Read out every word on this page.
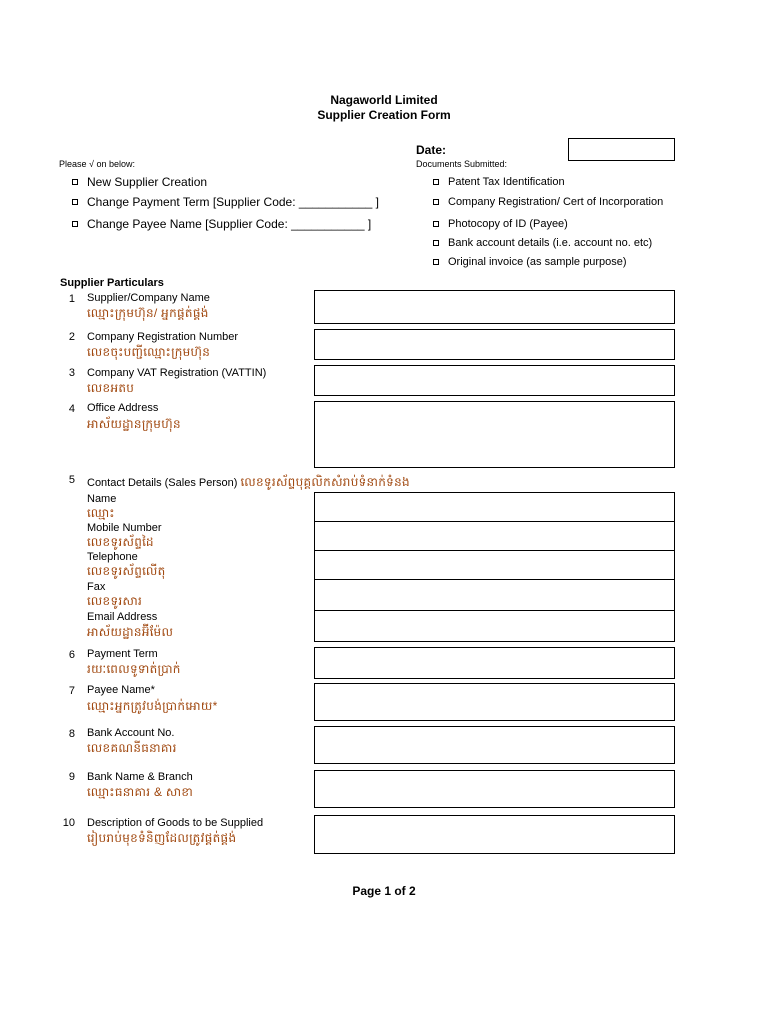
Nagaworld Limited
Supplier Creation Form
Date:
Please √ on below:	Documents Submitted:
New Supplier Creation
Change Payment Term [Supplier Code: ___________ ]
Change Payee Name [Supplier Code: ___________ ]
Patent Tax Identification
Company Registration/ Cert of Incorporation
Photocopy of ID (Payee)
Bank account details (i.e. account no. etc)
Original invoice (as sample purpose)
Supplier Particulars
1 Supplier/Company Name
ឈ្មោះក្រុមហ៊ុន/ អ្នកផ្គត់ផ្គង់
2 Company Registration Number
លេខចុះបញ្ជីឈ្មោះក្រុមហ៊ុន
3 Company VAT Registration (VATTIN)
លេខអតប
4 Office Address
អាស័យដ្ឋានក្រុមហ៊ុន
5 Contact Details (Sales Person) លេខទូរស័ព្ទបុគ្គលិកសំរាប់ទំនាក់ទំនង
Name
ឈ្មោះ
Mobile Number
លេខទូរស័ព្ទដៃ
Telephone
លេខទូរស័ព្ទលើតុ
Fax
លេខទូរសារ
Email Address
អាស័យដ្ឋានអ៊ីម៉ែល
6 Payment Term
រយៈពេលទូទាត់ប្រាក់
7 Payee Name*
ឈ្មោះអ្នកត្រូវបង់ប្រាក់អោយ*
8 Bank Account No.
លេខគណនីធនាគារ
9 Bank Name & Branch
ឈ្មោះធនាគារ & សាខា
10 Description of Goods to be Supplied
រៀបរាប់មុខទំនិញដែលត្រូវផ្គត់ផ្គង់
Page 1 of 2
